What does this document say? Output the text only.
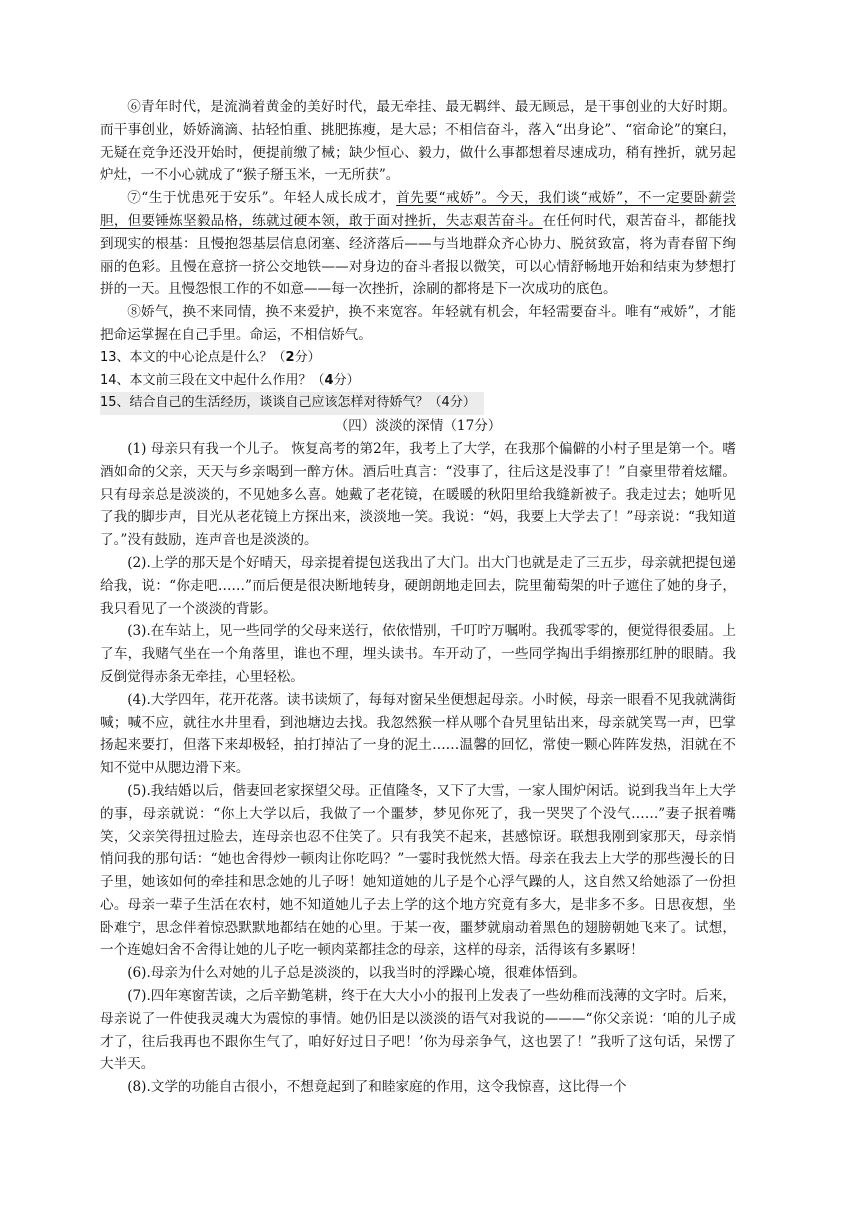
⑥青年时代，是流淌着黄金的美好时代，最无牵挂、最无羁绊、最无顾忌，是干事创业的大好时期。而干事创业，娇娇滴滴、拈轻怕重、挑肥拣瘦，是大忌；不相信奋斗，落入“出身论”、“宿命论”的窠臼，无疑在竞争还没开始时，便提前缴了械；缺少恒心、毅力，做什么事都想着尽速成功，稍有挫折，就另起炉灶，一不小心就成了“猴子掰玉米，一无所获”。

⑦“生于忧患死于安乐”。年轻人成长成才，首先要“戒娇”。今天，我们谈“戒娇”，不一定要卧薪尝胆，但要锤炼坚毅品格，练就过硬本领，敢于面对挫折，失志艰苦奋斗。在任何时代，艰苦奋斗，都能找到现实的根基：且慢抱怨基层信息闭塞、经济落后——与当地群众齐心协力、脱贫致富，将为青春留下绚丽的色彩。且慢在意挤一挤公交地铁——对身边的奋斗者报以微笑，可以心情舒畅地开始和结束为梦想打拼的一天。且慢怨恨工作的不如意——每一次挫折，涂刷的都将是下一次成功的底色。

⑧娇气，换不来同情，换不来爱护，换不来宽容。年轻就有机会，年轻需要奋斗。唯有“戒娇”，才能把命运掌握在自己手里。命运，不相信娇气。

13、本文的中心论点是什么？（2分）

14、本文前三段在文中起什么作用？（4分）

15、结合自己的生活经历，谈谈自己应该怎样对待娇气？（4分）

（四）淡淡的深情（17分）

(1) 母亲只有我一个儿子。 恢复高考的第2年，我考上了大学，在我那个偏僻的小村子里是第一个。嗜酒如命的父亲，天天与乡亲喝到一醉方休。酒后吐真言：“没事了，往后这是没事了！”自豪里带着炫耀。只有母亲总是淡淡的，不见她多么喜。她戴了老花镜，在暖暖的秋阳里给我缝新被子。我走过去；她听见了我的脚步声，目光从老花镜上方探出来，淡淡地一笑。我说：“妈，我要上大学去了！”母亲说：“我知道了。”没有鼓励，连声音也是淡淡的。

(2).上学的那天是个好晴天，母亲提着提包送我出了大门。出大门也就是走了三五步，母亲就把提包递给我，说：“你走吧……”而后便是很决断地转身，硬朗朗地走回去，院里葡萄架的叶子遮住了她的身子，我只看见了一个淡淡的背影。

(3).在车站上，见一些同学的父母来送行，依依惜别，千叮咛万嘱咐。我孤零零的，便觉得很委屈。上了车，我赌气坐在一个角落里，谁也不理，埋头读书。车开动了，一些同学掏出手绢擦那红肿的眼睛。我反倒觉得赤条无牵挂，心里轻松。

(4).大学四年，花开花落。读书读烦了，每每对窗呆坐便想起母亲。小时候，母亲一眼看不见我就满街喊；喊不应，就往水井里看，到池塘边去找。我忽然猴一样从哪个旮旯里钻出来，母亲就笑骂一声，巴掌扬起来要打，但落下来却极轻，拍打掉沾了一身的泥土……温馨的回忆，常使一颗心阵阵发热，泪就在不知不觉中从腮边滑下来。

(5).我结婚以后，偕妻回老家探望父母。正值隆冬，又下了大雪，一家人围炉闲话。说到我当年上大学的事，母亲就说：“你上大学以后，我做了一个噩梦，梦见你死了，我一哭哭了个没气……”妻子抿着嘴笑，父亲笑得扭过脸去，连母亲也忍不住笑了。只有我笑不起来，甚感惊讶。联想我刚到家那天，母亲悄悄问我的那句话：“她也舍得炒一顿肉让你吃吗？”一霎时我恍然大悟。母亲在我去上大学的那些漫长的日子里，她该如何的牵挂和思念她的儿子呀！她知道她的儿子是个心浮气躁的人，这自然又给她添了一份担心。母亲一辈子生活在农村，她不知道她儿子去上学的这个地方究竟有多大，是非多不多。日思夜想，坐卧难宁，思念伴着惊恐默默地都结在她的心里。于某一夜，噩梦就扇动着黑色的翅膀朝她飞来了。试想，一个连媳妇舍不舍得让她的儿子吃一顿肉菜都挂念的母亲，这样的母亲，活得该有多累呀！

(6).母亲为什么对她的儿子总是淡淡的，以我当时的浮躁心境，很难体悟到。

(7).四年寒窗苦读，之后辛勤笔耕，终于在大大小小的报刊上发表了一些幼稚而浅薄的文字时。后来，母亲说了一件使我灵魂大为震惊的事情。她仍旧是以淡淡的语气对我说的———“你父亲说：‘咱的儿子成才了，往后我再也不跟你生气了，咱好好过日子吧！’你为母亲争气，这也罢了！”我听了这句话，呆愣了大半天。

(8).文学的功能自古很小，不想竟起到了和睦家庭的作用，这令我惊喜，这比得一个
